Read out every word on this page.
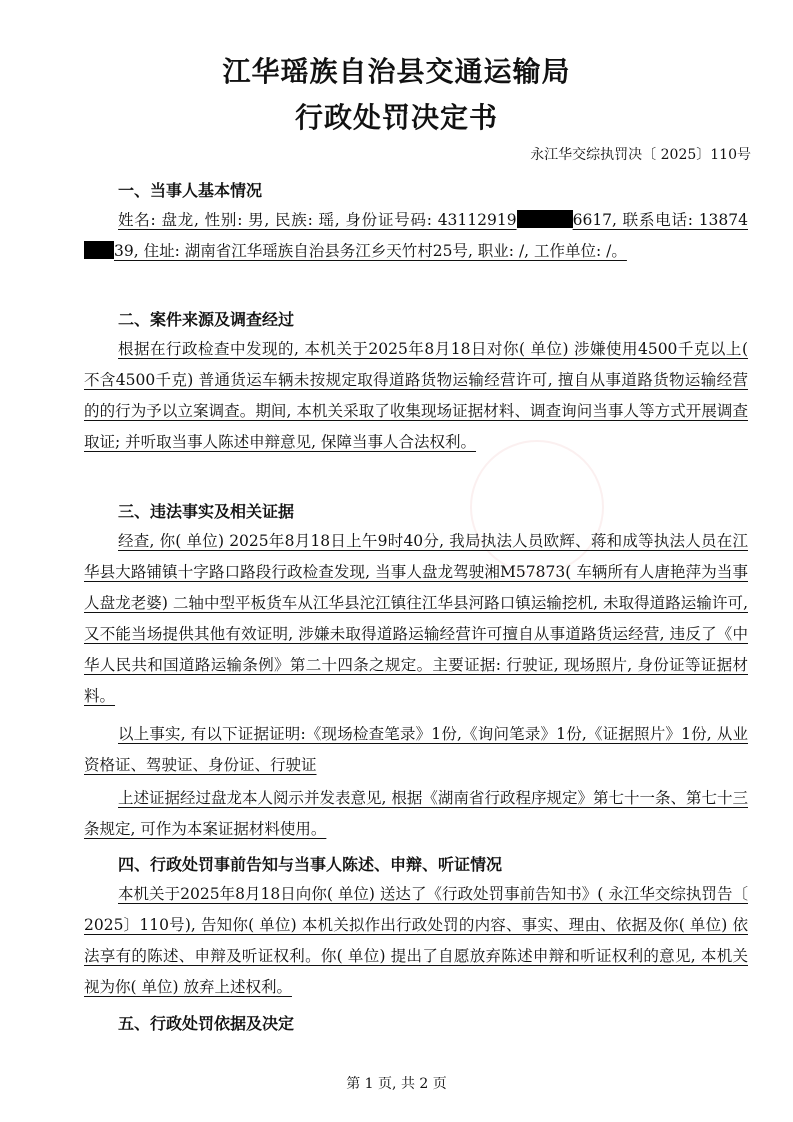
江华瑶族自治县交通运输局
行政处罚决定书
永江华交综执罚决〔 2025〕110号
一、当事人基本情况
姓名: 盘龙, 性别: 男, 民族: 瑶, 身份证号码: 43112919	6617, 联系电话: 1387439, 住址: 湖南省江华瑶族自治县务江乡天竹村25号, 职业: /, 工作单位: /。
二、案件来源及调查经过
根据在行政检查中发现的, 本机关于2025年8月18日对你( 单位) 涉嫌使用4500千克以上( 不含4500千克) 普通货运车辆未按规定取得道路货物运输经营许可, 擅自从事道路货物运输经营的的行为予以立案调查。期间, 本机关采取了收集现场证据材料、调查询问当事人等方式开展调查取证; 并听取当事人陈述申辩意见, 保障当事人合法权利。
三、违法事实及相关证据
经查, 你( 单位) 2025年8月18日上午9时40分, 我局执法人员欧辉、蒋和成等执法人员在江华县大路铺镇十字路口路段行政检查发现, 当事人盘龙驾驶湘M57873( 车辆所有人唐艳萍为当事人盘龙老婆) 二轴中型平板货车从江华县沱江镇往江华县河路口镇运输挖机, 未取得道路运输许可, 又不能当场提供其他有效证明, 涉嫌未取得道路运输经营许可擅自从事道路货运经营, 违反了《中华人民共和国道路运输条例》第二十四条之规定。主要证据: 行驶证, 现场照片, 身份证等证据材料。
以上事实, 有以下证据证明:《现场检查笔录》1份,《询问笔录》1份,《证据照片》1份, 从业资格证、驾驶证、身份证、行驶证
上述证据经过盘龙本人阅示并发表意见, 根据《湖南省行政程序规定》第七十一条、第七十三条规定, 可作为本案证据材料使用。
四、行政处罚事前告知与当事人陈述、申辩、听证情况
本机关于2025年8月18日向你( 单位) 送达了《行政处罚事前告知书》( 永江华交综执罚告〔 2025〕110号), 告知你( 单位) 本机关拟作出行政处罚的内容、事实、理由、依据及你( 单位) 依法享有的陈述、申辩及听证权利。你( 单位) 提出了自愿放弃陈述申辩和听证权利的意见, 本机关视为你( 单位) 放弃上述权利。
五、行政处罚依据及决定
第 1 页, 共 2 页
